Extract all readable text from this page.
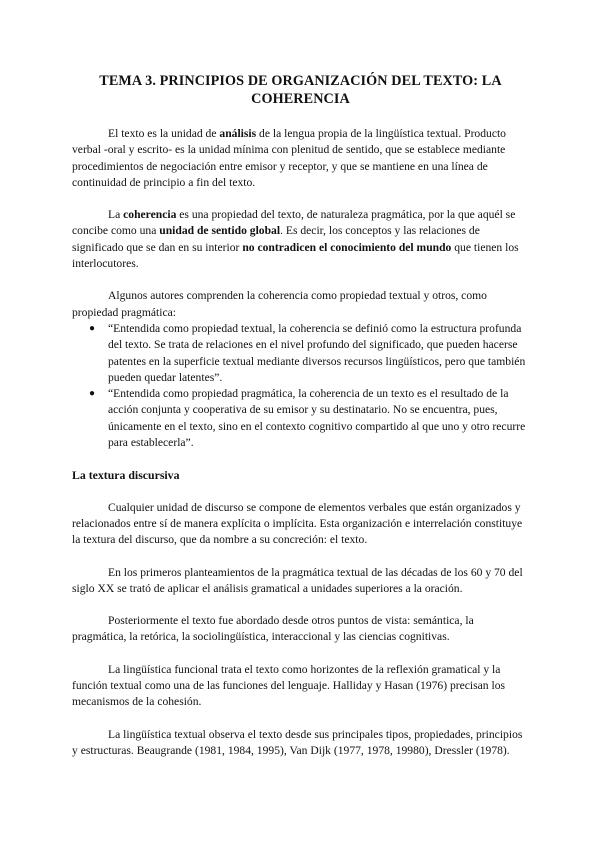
TEMA 3. PRINCIPIOS DE ORGANIZACIÓN DEL TEXTO: LA
COHERENCIA

El texto es la unidad de análisis de la lengua propia de la lingüística textual. Producto verbal -oral y escrito- es la unidad mínima con plenitud de sentido, que se establece mediante procedimientos de negociación entre emisor y receptor, y que se mantiene en una línea de continuidad de principio a fin del texto.

La coherencia es una propiedad del texto, de naturaleza pragmática, por la que aquél se concibe como una unidad de sentido global. Es decir, los conceptos y las relaciones de significado que se dan en su interior no contradicen el conocimiento del mundo que tienen los interlocutores.

Algunos autores comprenden la coherencia como propiedad textual y otros, como propiedad pragmática:

● “Entendida como propiedad textual, la coherencia se definió como la estructura profunda del texto. Se trata de relaciones en el nivel profundo del significado, que pueden hacerse patentes en la superficie textual mediante diversos recursos lingüísticos, pero que también pueden quedar latentes”.
● “Entendida como propiedad pragmática, la coherencia de un texto es el resultado de la acción conjunta y cooperativa de su emisor y su destinatario. No se encuentra, pues, únicamente en el texto, sino en el contexto cognitivo compartido al que uno y otro recurre para establecerla”.
La textura discursiva

Cualquier unidad de discurso se compone de elementos verbales que están organizados y relacionados entre sí de manera explícita o implícita. Esta organización e interrelación constituye la textura del discurso, que da nombre a su concreción: el texto.

En los primeros planteamientos de la pragmática textual de las décadas de los 60 y 70 del siglo XX se trató de aplicar el análisis gramatical a unidades superiores a la oración.

Posteriormente el texto fue abordado desde otros puntos de vista: semántica, la pragmática, la retórica, la sociolingüística, interaccional y las ciencias cognitivas.

La lingüística funcional trata el texto como horizontes de la reflexión gramatical y la función textual como una de las funciones del lenguaje. Halliday y Hasan (1976) precisan los mecanismos de la cohesión.

La lingüística textual observa el texto desde sus principales tipos, propiedades, principios y estructuras. Beaugrande (1981, 1984, 1995), Van Dijk (1977, 1978, 19980), Dressler (1978).
